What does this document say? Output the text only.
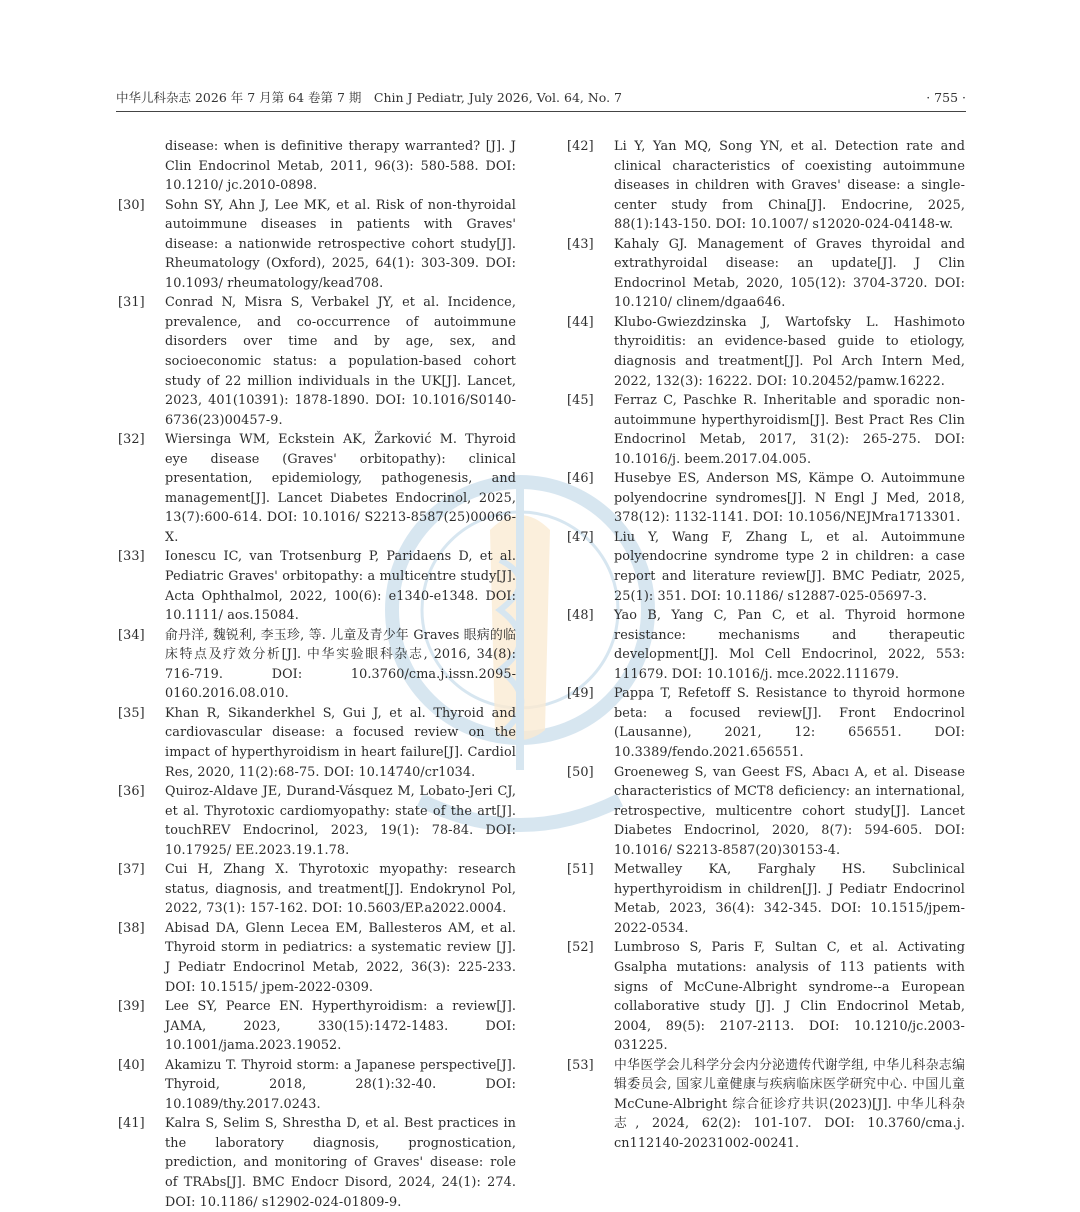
中华儿科杂志 2026 年 7 月第 64 卷第 7 期　Chin J Pediatr, July 2026, Vol. 64, No. 7	· 755 ·

disease: when is definitive therapy warranted? [J]. J Clin Endocrinol Metab, 2011, 96(3): 580-588. DOI: 10.1210/ jc.2010-0898.

[30]	Sohn SY, Ahn J, Lee MK, et al. Risk of non-thyroidal autoimmune diseases in patients with Graves' disease: a nationwide retrospective cohort study[J]. Rheumatology (Oxford), 2025, 64(1): 303-309. DOI: 10.1093/ rheumatology/kead708.

[31]	Conrad N, Misra S, Verbakel JY, et al. Incidence, prevalence, and co-occurrence of autoimmune disorders over time and by age, sex, and socioeconomic status: a population-based cohort study of 22 million individuals in the UK[J]. Lancet, 2023, 401(10391): 1878-1890. DOI: 10.1016/S0140-6736(23)00457-9.

[32]	Wiersinga WM, Eckstein AK, Žarković M. Thyroid eye disease (Graves' orbitopathy): clinical presentation, epidemiology, pathogenesis, and management[J]. Lancet Diabetes Endocrinol, 2025, 13(7):600-614. DOI: 10.1016/ S2213-8587(25)00066-X.

[33]	Ionescu IC, van Trotsenburg P, Paridaens D, et al. Pediatric Graves' orbitopathy: a multicentre study[J]. Acta Ophthalmol, 2022, 100(6): e1340-e1348. DOI: 10.1111/ aos.15084.

[34]	俞丹洋, 魏锐利, 李玉珍, 等. 儿童及青少年 Graves 眼病的临床特点及疗效分析[J]. 中华实验眼科杂志, 2016, 34(8): 716-719. DOI: 10.3760/cma.j.issn.2095-0160.2016.08.010.

[35]	Khan R, Sikanderkhel S, Gui J, et al. Thyroid and cardiovascular disease: a focused review on the impact of hyperthyroidism in heart failure[J]. Cardiol Res, 2020, 11(2):68-75. DOI: 10.14740/cr1034.

[36]	Quiroz-Aldave JE, Durand-Vásquez M, Lobato-Jeri CJ, et al. Thyrotoxic cardiomyopathy: state of the art[J]. touchREV Endocrinol, 2023, 19(1): 78-84. DOI: 10.17925/ EE.2023.19.1.78.

[37]	Cui H, Zhang X. Thyrotoxic myopathy: research status, diagnosis, and treatment[J]. Endokrynol Pol, 2022, 73(1): 157-162. DOI: 10.5603/EP.a2022.0004.

[38]	Abisad DA, Glenn Lecea EM, Ballesteros AM, et al. Thyroid storm in pediatrics: a systematic review [J]. J Pediatr Endocrinol Metab, 2022, 36(3): 225-233. DOI: 10.1515/ jpem-2022-0309.

[39]	Lee SY, Pearce EN. Hyperthyroidism: a review[J]. JAMA, 2023, 330(15):1472-1483. DOI: 10.1001/jama.2023.19052.

[40]	Akamizu T. Thyroid storm: a Japanese perspective[J]. Thyroid, 2018, 28(1):32-40. DOI: 10.1089/thy.2017.0243.

[41]	Kalra S, Selim S, Shrestha D, et al. Best practices in the laboratory diagnosis, prognostication, prediction, and monitoring of Graves' disease: role of TRAbs[J]. BMC Endocr Disord, 2024, 24(1): 274. DOI: 10.1186/ s12902-024-01809-9.

[42]	Li Y, Yan MQ, Song YN, et al. Detection rate and clinical characteristics of coexisting autoimmune diseases in children with Graves' disease: a single-center study from China[J]. Endocrine, 2025, 88(1):143-150. DOI: 10.1007/ s12020-024-04148-w.

[43]	Kahaly GJ. Management of Graves thyroidal and extrathyroidal disease: an update[J]. J Clin Endocrinol Metab, 2020, 105(12): 3704-3720. DOI: 10.1210/ clinem/dgaa646.

[44]	Klubo-Gwiezdzinska J, Wartofsky L. Hashimoto thyroiditis: an evidence-based guide to etiology, diagnosis and treatment[J]. Pol Arch Intern Med, 2022, 132(3): 16222. DOI: 10.20452/pamw.16222.

[45]	Ferraz C, Paschke R. Inheritable and sporadic non-autoimmune hyperthyroidism[J]. Best Pract Res Clin Endocrinol Metab, 2017, 31(2): 265-275. DOI: 10.1016/j. beem.2017.04.005.

[46]	Husebye ES, Anderson MS, Kämpe O. Autoimmune polyendocrine syndromes[J]. N Engl J Med, 2018, 378(12): 1132-1141. DOI: 10.1056/NEJMra1713301.

[47]	Liu Y, Wang F, Zhang L, et al. Autoimmune polyendocrine syndrome type 2 in children: a case report and literature review[J]. BMC Pediatr, 2025, 25(1): 351. DOI: 10.1186/ s12887-025-05697-3.

[48]	Yao B, Yang C, Pan C, et al. Thyroid hormone resistance: mechanisms and therapeutic development[J]. Mol Cell Endocrinol, 2022, 553: 111679. DOI: 10.1016/j. mce.2022.111679.

[49]	Pappa T, Refetoff S. Resistance to thyroid hormone beta: a focused review[J]. Front Endocrinol (Lausanne), 2021, 12: 656551. DOI: 10.3389/fendo.2021.656551.

[50]	Groeneweg S, van Geest FS, Abacı A, et al. Disease characteristics of MCT8 deficiency: an international, retrospective, multicentre cohort study[J]. Lancet Diabetes Endocrinol, 2020, 8(7): 594-605. DOI: 10.1016/ S2213-8587(20)30153-4.

[51]	Metwalley KA, Farghaly HS. Subclinical hyperthyroidism in children[J]. J Pediatr Endocrinol Metab, 2023, 36(4): 342-345. DOI: 10.1515/jpem-2022-0534.

[52]	Lumbroso S, Paris F, Sultan C, et al. Activating Gsalpha mutations: analysis of 113 patients with signs of McCune-Albright syndrome--a European collaborative study [J]. J Clin Endocrinol Metab, 2004, 89(5): 2107-2113. DOI: 10.1210/jc.2003-031225.

[53]	中华医学会儿科学分会内分泌遗传代谢学组, 中华儿科杂志编辑委员会, 国家儿童健康与疾病临床医学研究中心. 中国儿童 McCune-Albright 综合征诊疗共识(2023)[J]. 中华儿科杂志, 2024, 62(2): 101-107. DOI: 10.3760/cma.j. cn112140-20231002-00241.
